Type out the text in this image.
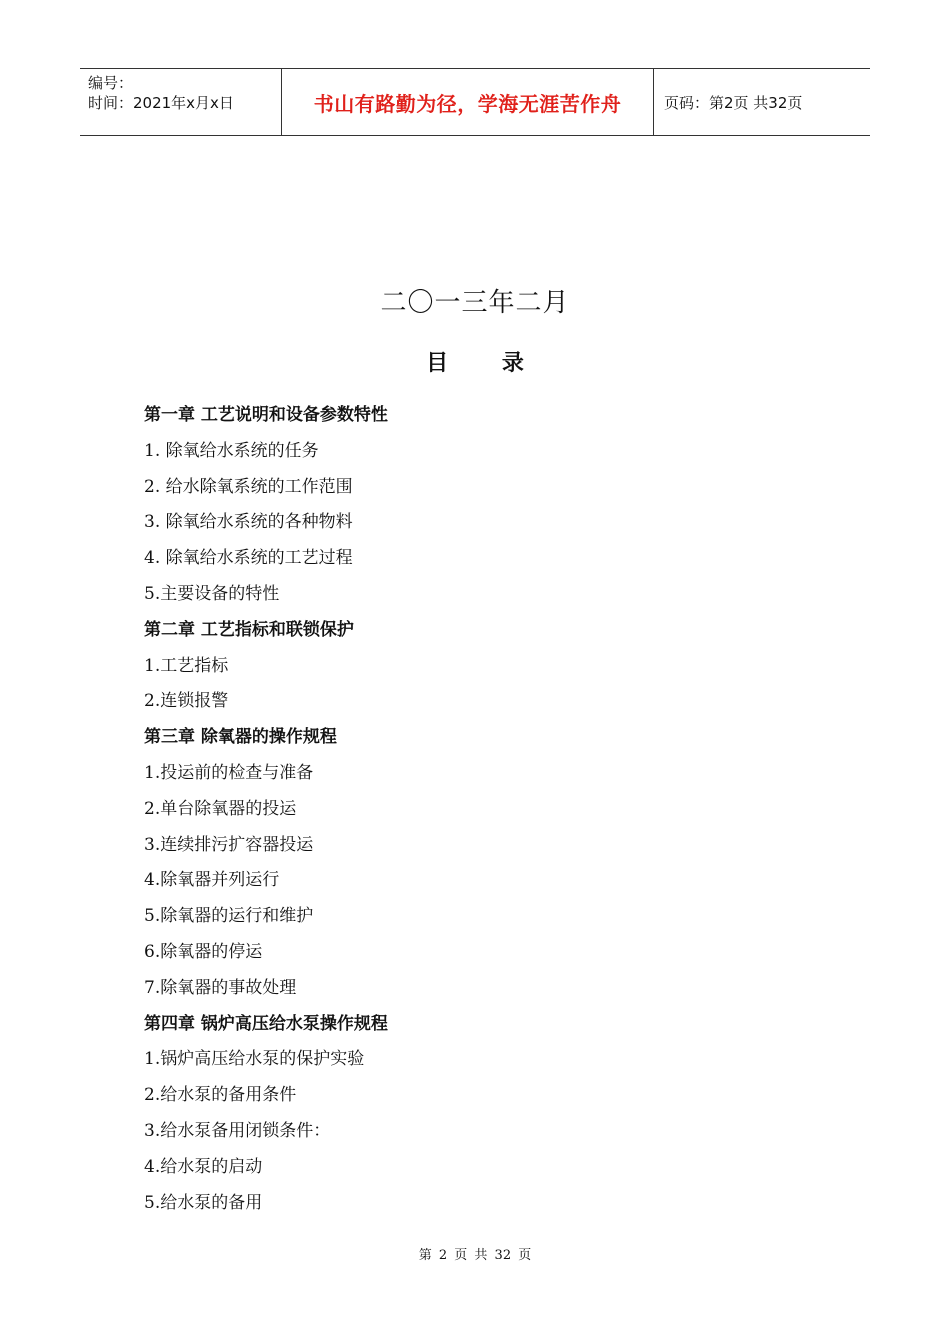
编号：
时间：2021年x月x日	书山有路勤为径，学海无涯苦作舟	页码：第2页 共32页
二〇一三年二月
目 录
第一章 工艺说明和设备参数特性
1. 除氧给水系统的任务
2. 给水除氧系统的工作范围
3. 除氧给水系统的各种物料
4. 除氧给水系统的工艺过程
5.主要设备的特性
第二章 工艺指标和联锁保护
1.工艺指标
2.连锁报警
第三章 除氧器的操作规程
1.投运前的检查与准备
2.单台除氧器的投运
3.连续排污扩容器投运
4.除氧器并列运行
5.除氧器的运行和维护
6.除氧器的停运
7.除氧器的事故处理
第四章 锅炉高压给水泵操作规程
1.锅炉高压给水泵的保护实验
2.给水泵的备用条件
3.给水泵备用闭锁条件：
4.给水泵的启动
5.给水泵的备用
第 2 页 共 32 页
